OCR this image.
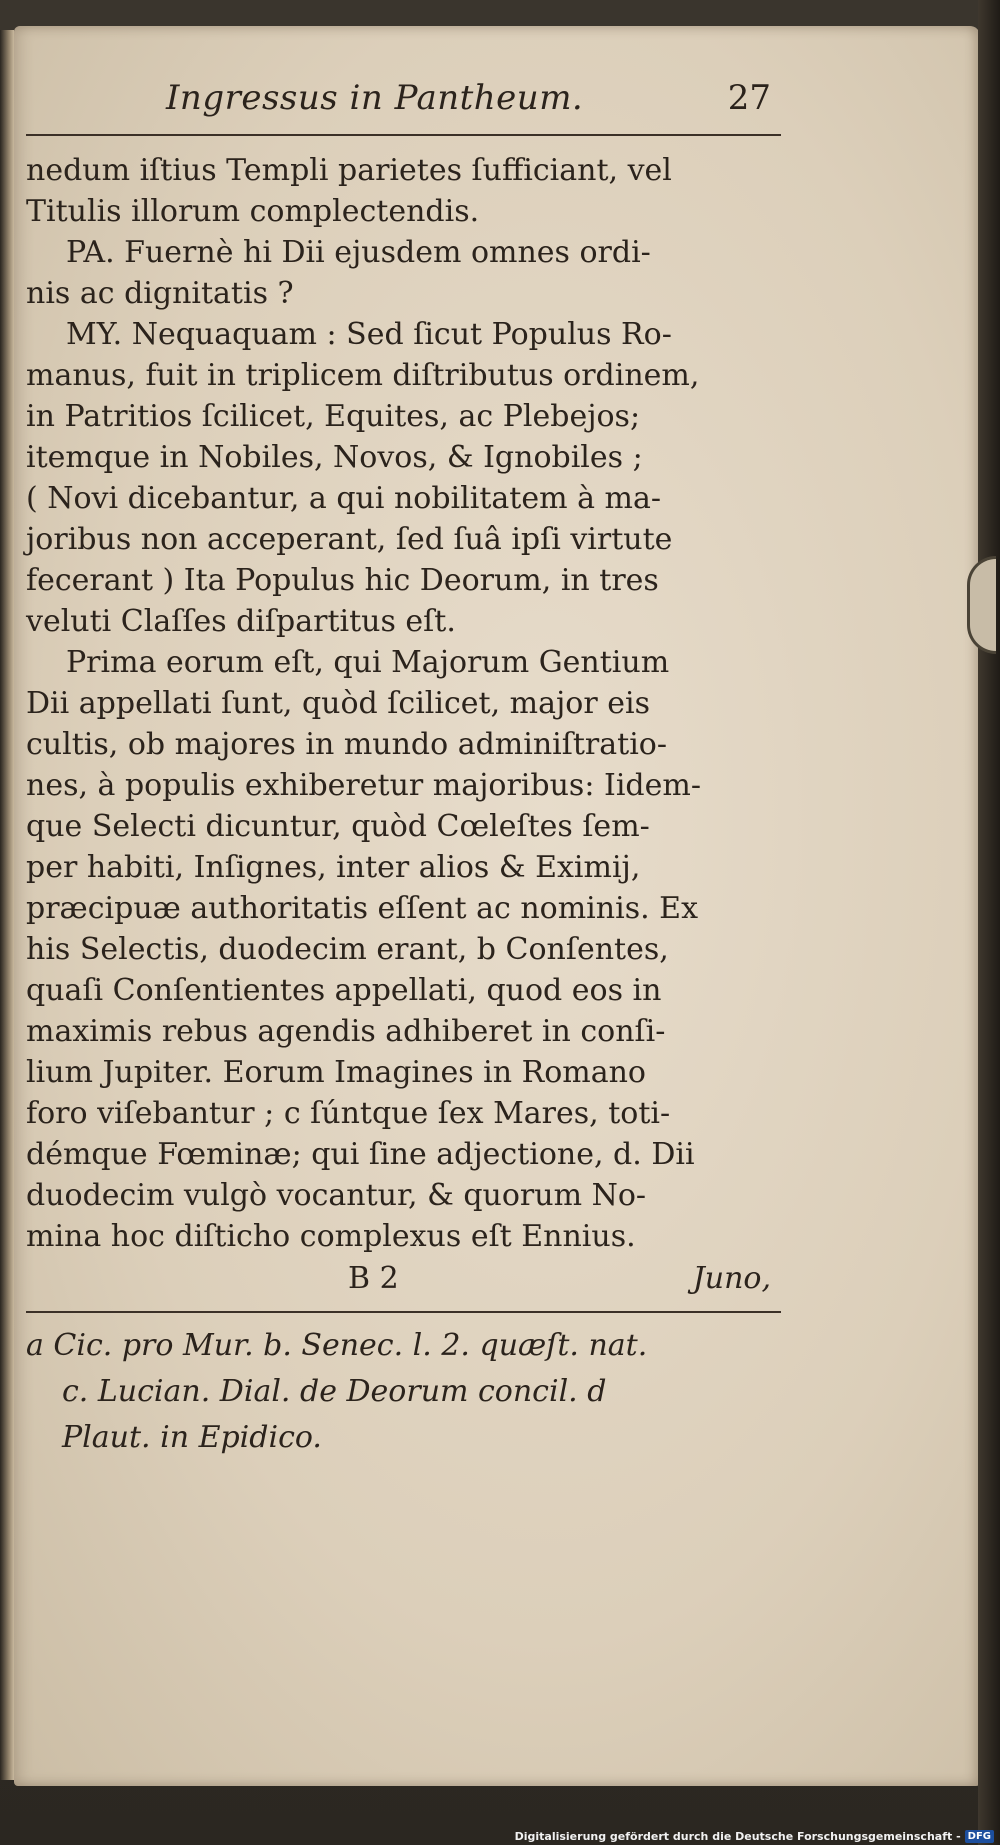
Ingressus in Pantheum.	27

nedum iſtius Templi parietes ſufficiant, vel
Titulis illorum complectendis.

PA. Fuernè hi Dii ejusdem omnes ordi-
nis ac dignitatis ?

MY. Nequaquam : Sed ſicut Populus Ro-
manus, fuit in triplicem diſtributus ordinem,
in Patritios ſcilicet, Equites, ac Plebejos;
itemque in Nobiles, Novos, & Ignobiles ;
( Novi dicebantur, a qui nobilitatem à ma-
joribus non acceperant, ſed ſuâ ipſi virtute
fecerant ) Ita Populus hic Deorum, in tres
veluti Claſſes diſpartitus eſt.

Prima eorum eſt, qui Majorum Gentium
Dii appellati ſunt, quòd ſcilicet, major eis
cultis, ob majores in mundo adminiſtratio-
nes, à populis exhiberetur majoribus: Iidem-
que Selecti dicuntur, quòd Cœleſtes ſem-
per habiti, Inſignes, inter alios & Eximij,
præcipuæ authoritatis eſſent ac nominis. Ex
his Selectis, duodecim erant, b Conſentes,
quaſi Conſentientes appellati, quod eos in
maximis rebus agendis adhiberet in conſi-
lium Jupiter. Eorum Imagines in Romano
foro viſebantur ; c ſúntque ſex Mares, toti-
démque Fœminæ; qui ſine adjectione, d. Dii
duodecim vulgò vocantur, & quorum No-
mina hoc diſticho complexus eſt Ennius.

B 2	Juno,
a Cic. pro Mur. b. Senec. l. 2. quæſt. nat.
c. Lucian. Dial. de Deorum concil. d
Plaut. in Epidico.
Digitalisierung gefördert durch die Deutsche Forschungsgemeinschaft - DFG
